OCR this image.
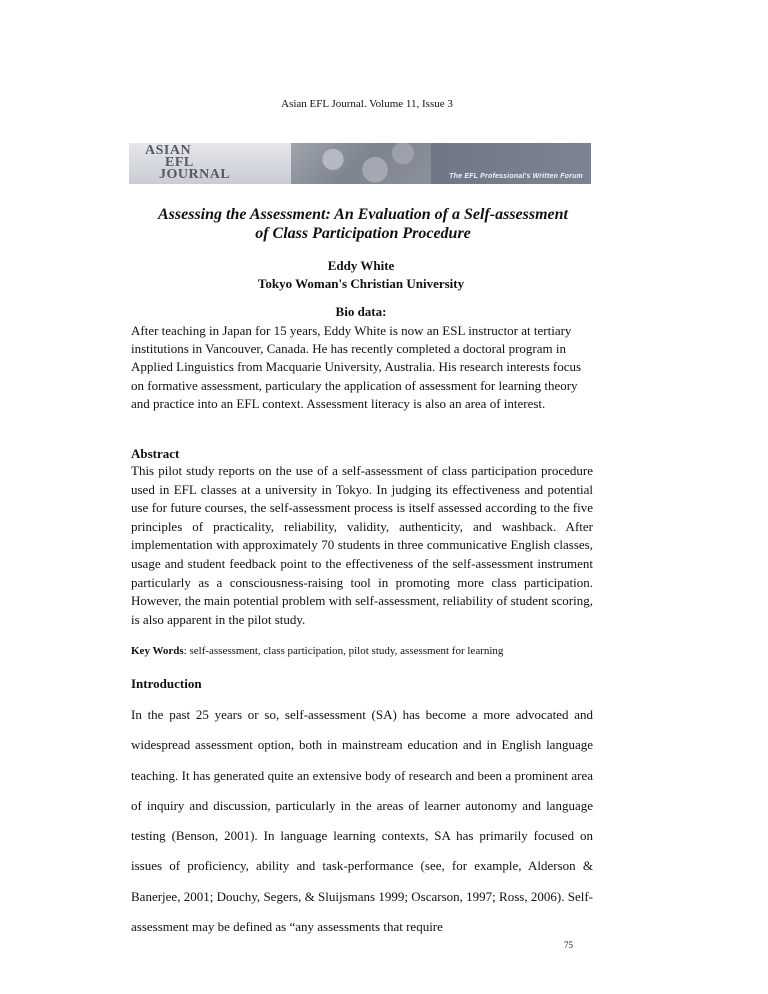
Asian EFL Journal. Volume 11, Issue 3
ASIAN
EFL
JOURNAL	The EFL Professional's Written Forum
Assessing the Assessment: An Evaluation of a Self-assessment
of Class Participation Procedure
Eddy White
Tokyo Woman's Christian University
Bio data:

After teaching in Japan for 15 years, Eddy White is now an ESL instructor at tertiary institutions in Vancouver, Canada. He has recently completed a doctoral program in Applied Linguistics from Macquarie University, Australia. His research interests focus on formative assessment, particulary the application of assessment for learning theory and practice into an EFL context. Assessment literacy is also an area of interest.

Abstract

This pilot study reports on the use of a self-assessment of class participation procedure used in EFL classes at a university in Tokyo. In judging its effectiveness and potential use for future courses, the self-assessment process is itself assessed according to the five principles of practicality, reliability, validity, authenticity, and washback. After implementation with approximately 70 students in three communicative English classes, usage and student feedback point to the effectiveness of the self-assessment instrument particularly as a consciousness-raising tool in promoting more class participation. However, the main potential problem with self-assessment, reliability of student scoring, is also apparent in the pilot study.

Key Words: self-assessment, class participation, pilot study, assessment for learning
Introduction

In the past 25 years or so, self-assessment (SA) has become a more advocated and widespread assessment option, both in mainstream education and in English language teaching. It has generated quite an extensive body of research and been a prominent area of inquiry and discussion, particularly in the areas of learner autonomy and language testing (Benson, 2001). In language learning contexts, SA has primarily focused on issues of proficiency, ability and task-performance (see, for example, Alderson & Banerjee, 2001; Douchy, Segers, & Sluijsmans 1999; Oscarson, 1997; Ross, 2006). Self-assessment may be defined as “any assessments that require

75
